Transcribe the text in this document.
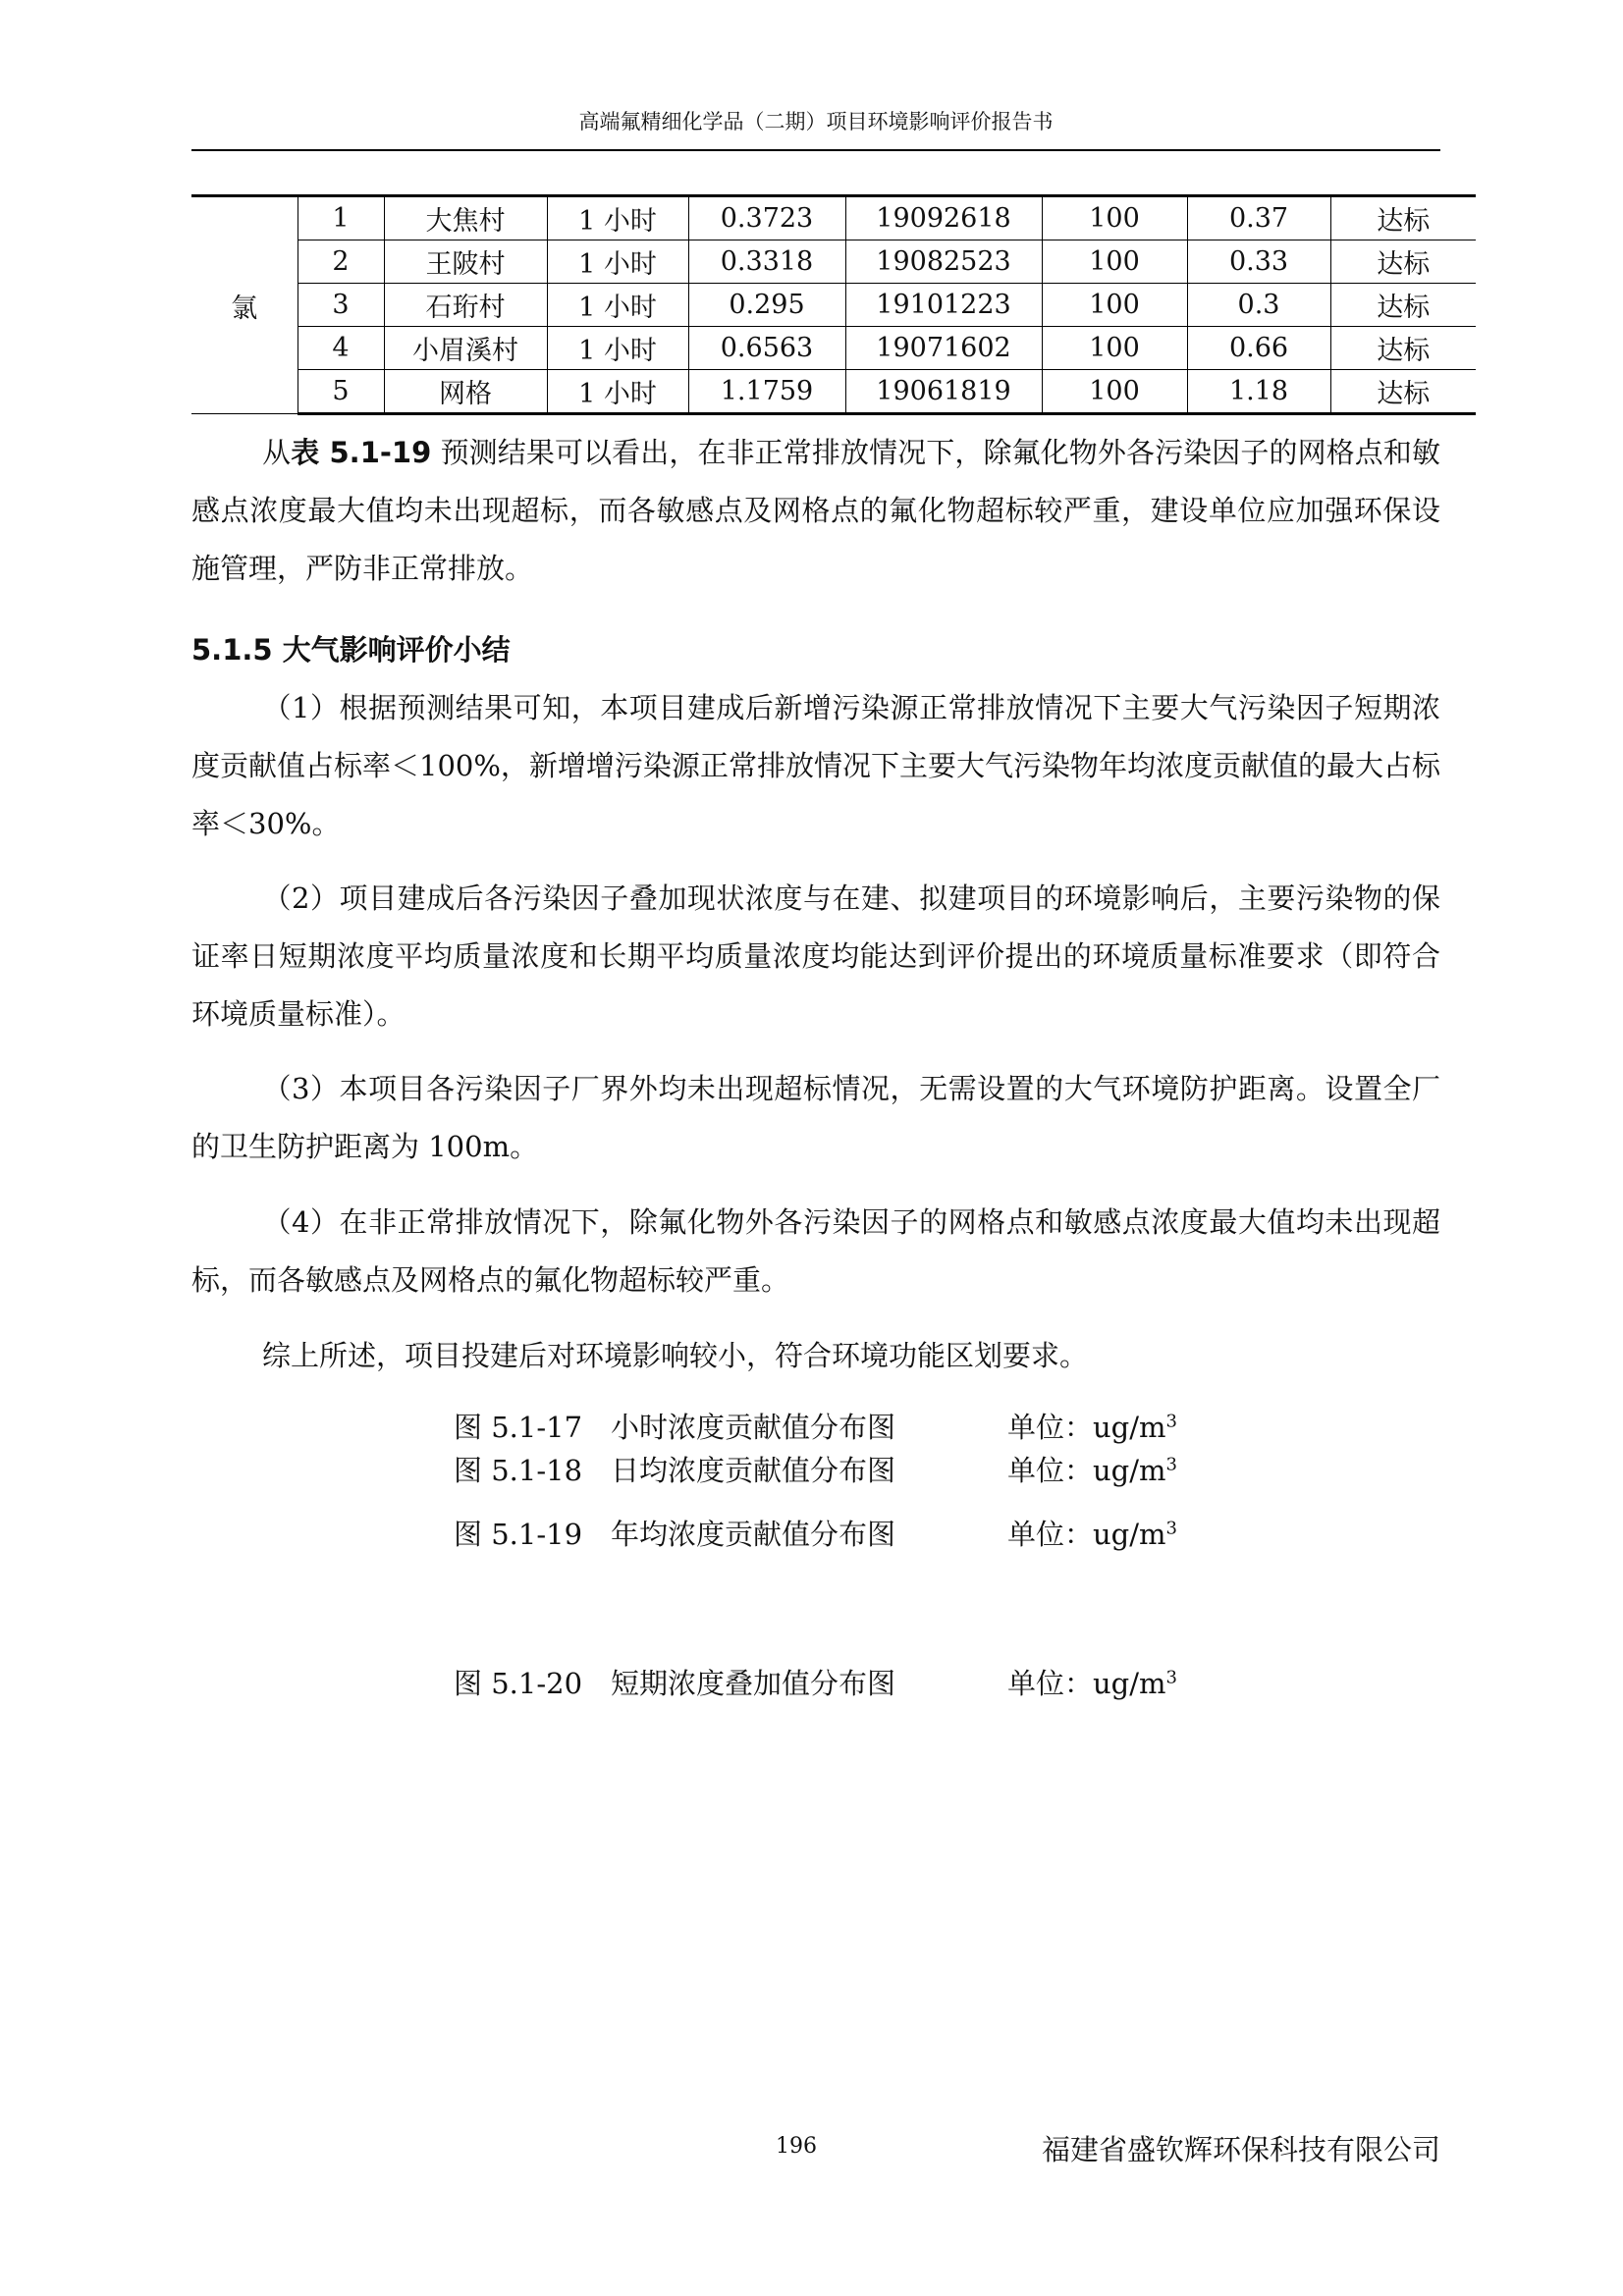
高端氟精细化学品（二期）项目环境影响评价报告书
氯	1	大焦村	1 小时	0.3723	19092618	100	0.37	达标
	2	王陂村	1 小时	0.3318	19082523	100	0.33	达标
	3	石珩村	1 小时	0.295	19101223	100	0.3	达标
	4	小眉溪村	1 小时	0.6563	19071602	100	0.66	达标
	5	网格	1 小时	1.1759	19061819	100	1.18	达标
从表 5.1-19 预测结果可以看出，在非正常排放情况下，除氟化物外各污染因子的网格点和敏感点浓度最大值均未出现超标，而各敏感点及网格点的氟化物超标较严重，建设单位应加强环保设施管理，严防非正常排放。
5.1.5 大气影响评价小结
（1）根据预测结果可知，本项目建成后新增污染源正常排放情况下主要大气污染因子短期浓度贡献值占标率＜100%，新增增污染源正常排放情况下主要大气污染物年均浓度贡献值的最大占标率＜30%。
（2）项目建成后各污染因子叠加现状浓度与在建、拟建项目的环境影响后，主要污染物的保证率日短期浓度平均质量浓度和长期平均质量浓度均能达到评价提出的环境质量标准要求（即符合环境质量标准）。
（3）本项目各污染因子厂界外均未出现超标情况，无需设置的大气环境防护距离。设置全厂的卫生防护距离为 100m。
（4）在非正常排放情况下，除氟化物外各污染因子的网格点和敏感点浓度最大值均未出现超标，而各敏感点及网格点的氟化物超标较严重。
综上所述，项目投建后对环境影响较小，符合环境功能区划要求。
图 5.1-17 小时浓度贡献值分布图	单位：$ug/m^3$
图 5.1-18 日均浓度贡献值分布图	单位：$ug/m^3$
图 5.1-19 年均浓度贡献值分布图	单位：$ug/m^3$
图 5.1-20 短期浓度叠加值分布图	单位：$ug/m^3$
196	福建省盛钦辉环保科技有限公司
